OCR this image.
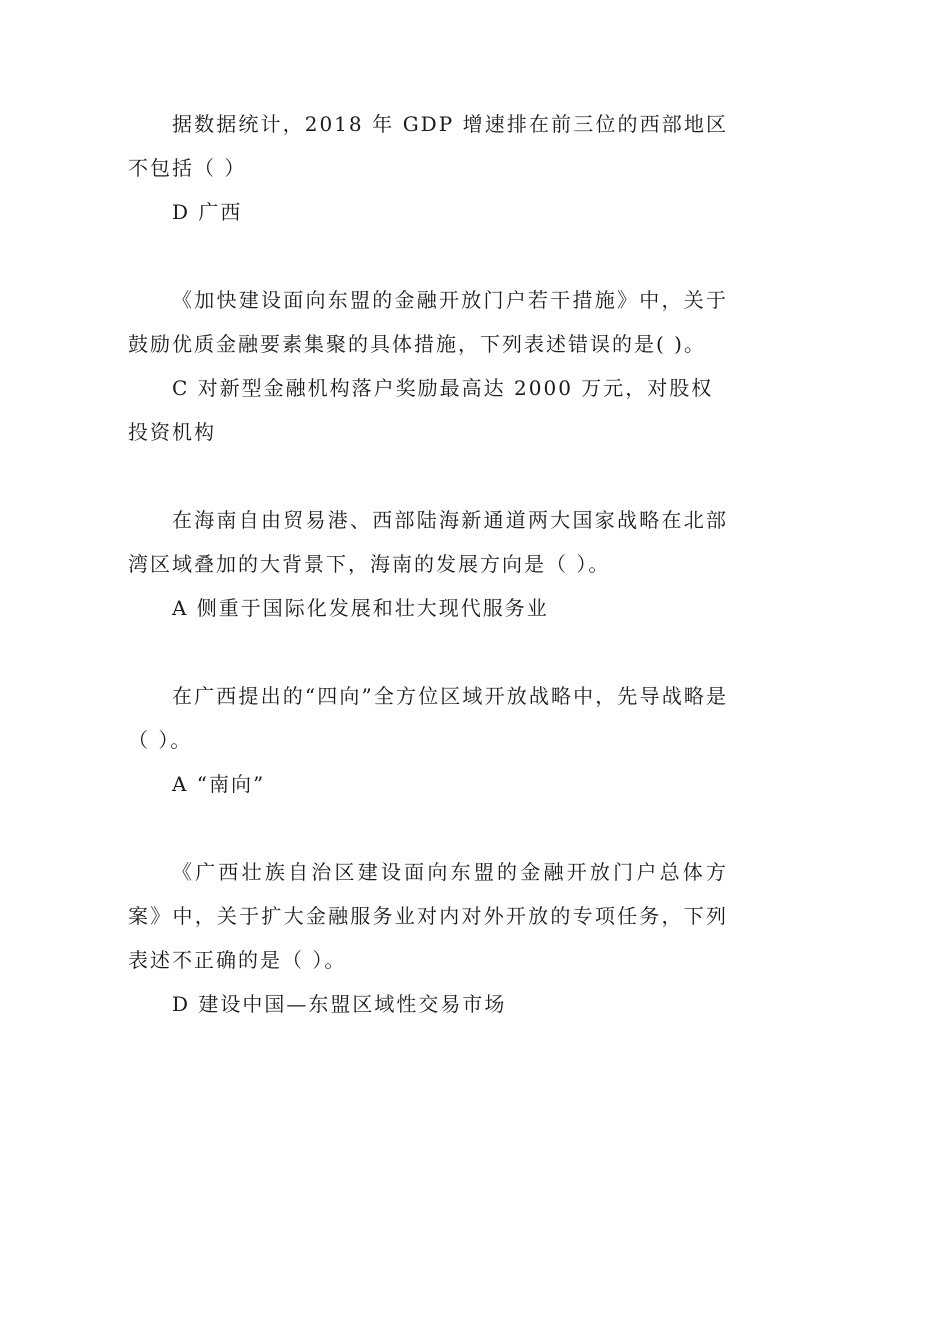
据数据统计，2018 年 GDP 增速排在前三位的西部地区不包括（ ）

D 广西

《加快建设面向东盟的金融开放门户若干措施》中，关于鼓励优质金融要素集聚的具体措施，下列表述错误的是( )。

C 对新型金融机构落户奖励最高达 2000 万元，对股权投资机构

在海南自由贸易港、西部陆海新通道两大国家战略在北部湾区域叠加的大背景下，海南的发展方向是（ ）。

A 侧重于国际化发展和壮大现代服务业

在广西提出的“四向”全方位区域开放战略中，先导战略是（ ）。

A “南向”

《广西壮族自治区建设面向东盟的金融开放门户总体方案》中，关于扩大金融服务业对内对外开放的专项任务，下列表述不正确的是（ ）。

D 建设中国—东盟区域性交易市场
